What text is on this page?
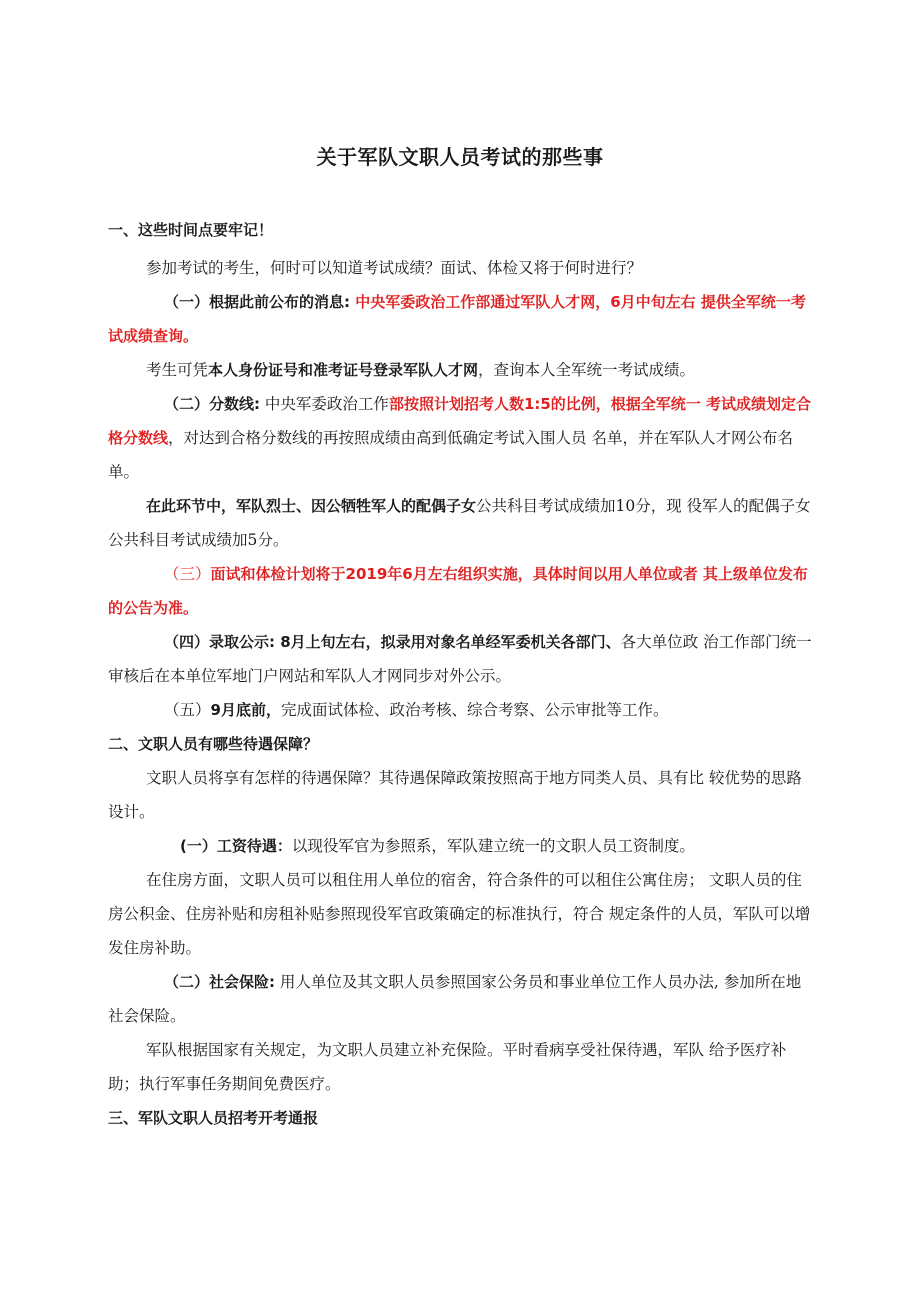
关于军队文职人员考试的那些事

一、这些时间点要牢记！

参加考试的考生，何时可以知道考试成绩？面试、体检又将于何时进行？

（一）根据此前公布的消息: 中央军委政治工作部通过军队人才网，6月中旬左右 提供全军统一考试成绩查询。

考生可凭本人身份证号和准考证号登录军队人才网，查询本人全军统一考试成绩。

（二）分数线: 中央军委政治工作部按照计划招考人数1:5的比例，根据全军统一 考试成绩划定合格分数线，对达到合格分数线的再按照成绩由高到低确定考试入围人员 名单，并在军队人才网公布名单。

在此环节中，军队烈士、因公牺牲军人的配偶子女公共科目考试成绩加10分，现 役军人的配偶子女公共科目考试成绩加5分。

（三）面试和体检计划将于2019年6月左右组织实施，具体时间以用人单位或者 其上级单位发布的公告为准。

（四）录取公示: 8月上旬左右，拟录用对象名单经军委机关各部门、各大单位政 治工作部门统一审核后在本单位军地门户网站和军队人才网同步对外公示。

（五）9月底前，完成面试体检、政治考核、综合考察、公示审批等工作。

二、文职人员有哪些待遇保障？

文职人员将享有怎样的待遇保障？其待遇保障政策按照高于地方同类人员、具有比 较优势的思路设计。

(一）工资待遇：以现役军官为参照系，军队建立统一的文职人员工资制度。

在住房方面，文职人员可以租住用人单位的宿舍，符合条件的可以租住公寓住房； 文职人员的住房公积金、住房补贴和房租补贴参照现役军官政策确定的标准执行，符合 规定条件的人员，军队可以增发住房补助。

（二）社会保险: 用人单位及其文职人员参照国家公务员和事业单位工作人员办法, 参加所在地社会保险。

军队根据国家有关规定，为文职人员建立补充保险。平时看病享受社保待遇，军队 给予医疗补助；执行军事任务期间免费医疗。

三、军队文职人员招考开考通报
